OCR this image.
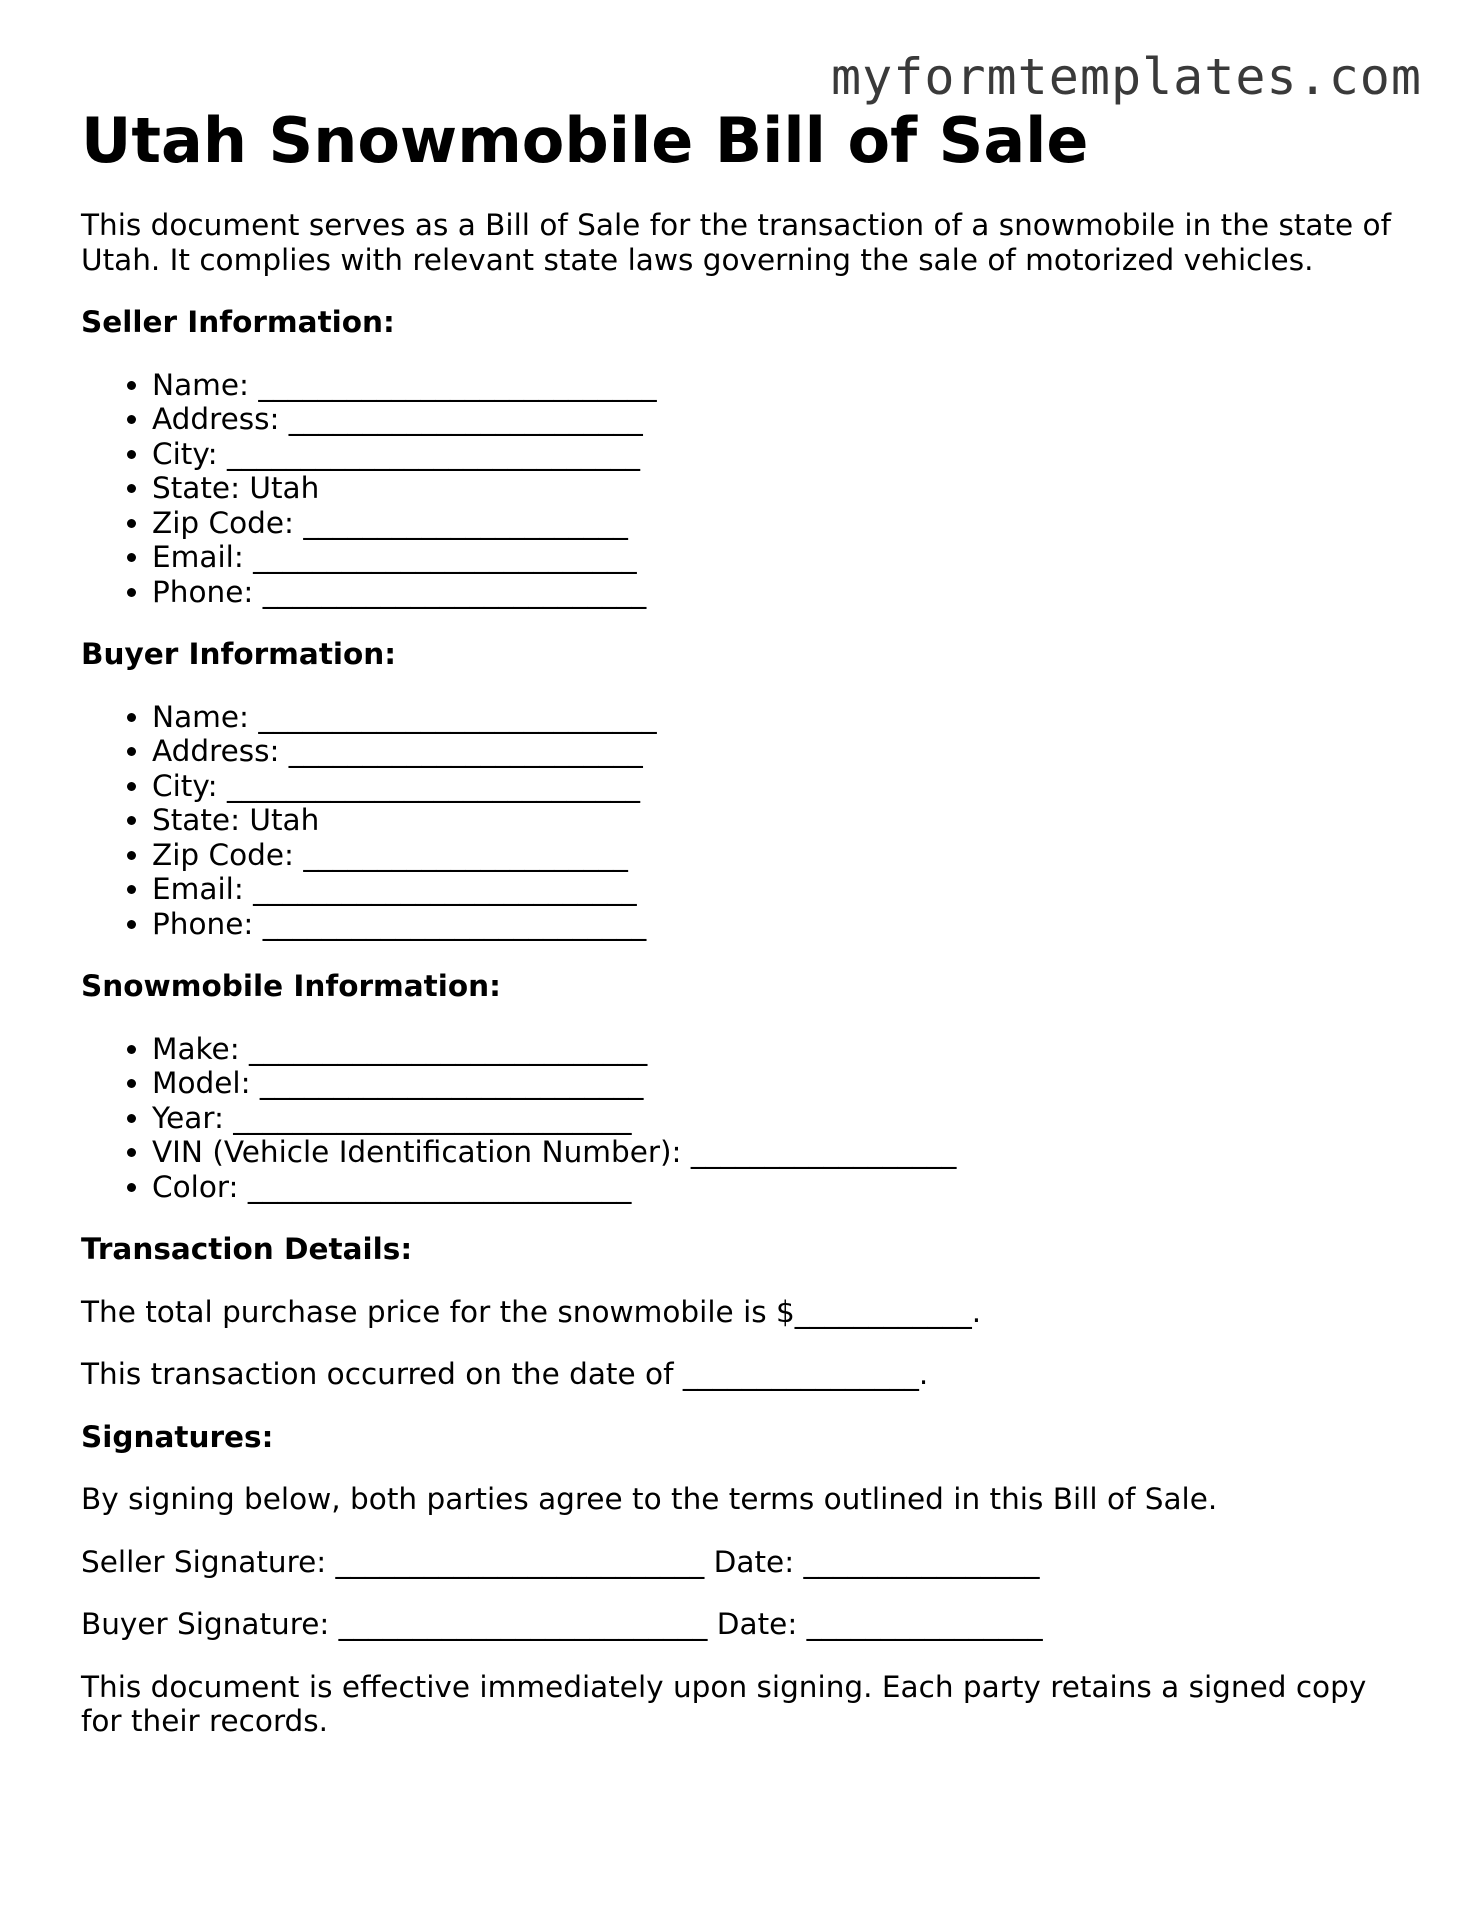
myformtemplates.com
Utah Snowmobile Bill of Sale

This document serves as a Bill of Sale for the transaction of a snowmobile in the state of Utah. It complies with relevant state laws governing the sale of motorized vehicles.

Seller Information:
• Name: ___________________________
• Address: ________________________
• City: ____________________________
• State: Utah
• Zip Code: ______________________
• Email: __________________________
• Phone: __________________________
Buyer Information:
• Name: ___________________________
• Address: ________________________
• City: ____________________________
• State: Utah
• Zip Code: ______________________
• Email: __________________________
• Phone: __________________________
Snowmobile Information:
• Make: ___________________________
• Model: __________________________
• Year: ___________________________
• VIN (Vehicle Identification Number): __________________
• Color: __________________________
Transaction Details:

The total purchase price for the snowmobile is $____________.

This transaction occurred on the date of ________________.

Signatures:

By signing below, both parties agree to the terms outlined in this Bill of Sale.

Seller Signature: _________________________ Date: ________________

Buyer Signature: _________________________ Date: ________________

This document is effective immediately upon signing. Each party retains a signed copy for their records.
